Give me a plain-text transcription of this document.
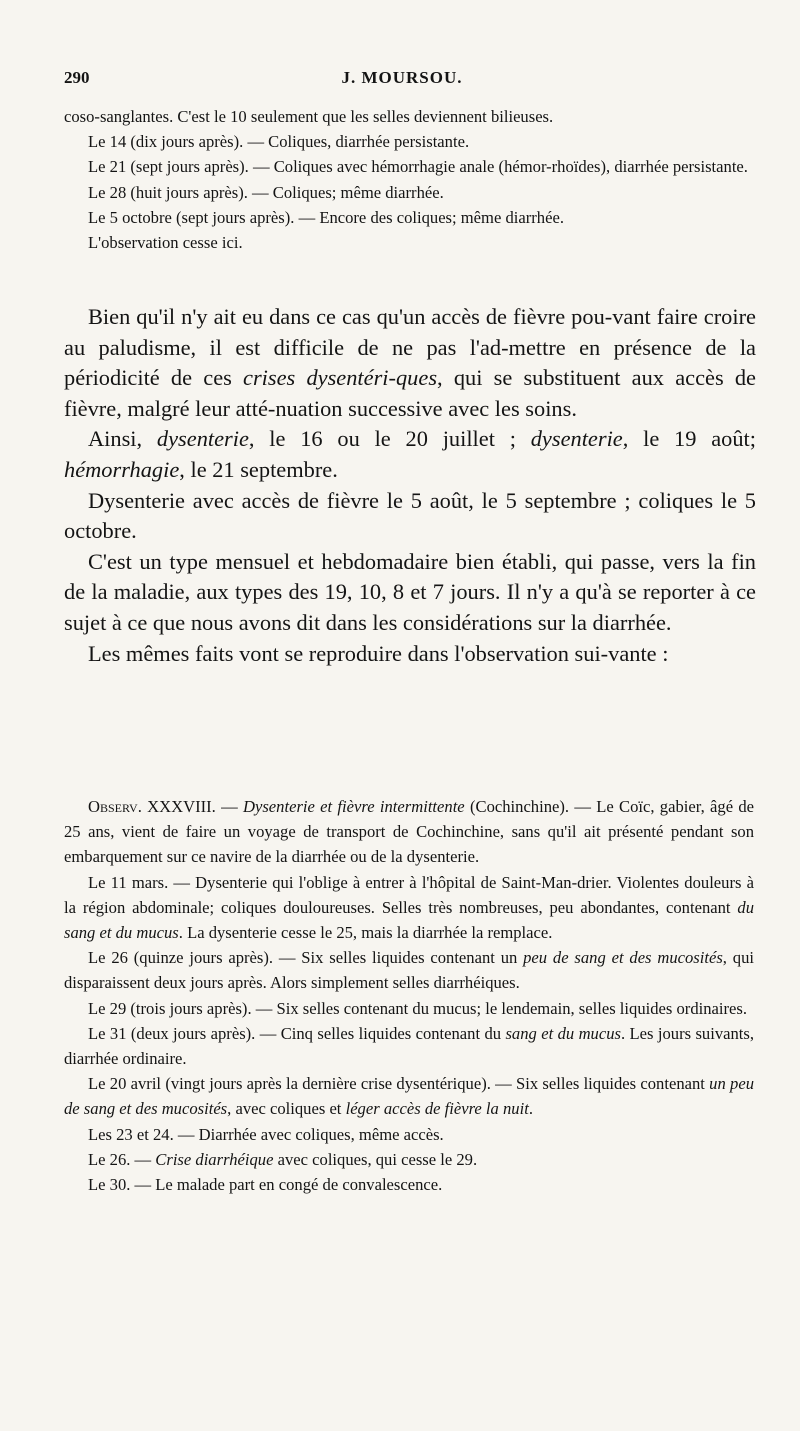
290	J. MOURSOU.

coso-sanglantes. C'est le 10 seulement que les selles deviennent bilieuses.

Le 14 (dix jours après). — Coliques, diarrhée persistante.

Le 21 (sept jours après). — Coliques avec hémorrhagie anale (hémor-rhoïdes), diarrhée persistante.

Le 28 (huit jours après). — Coliques; même diarrhée.

Le 5 octobre (sept jours après). — Encore des coliques; même diarrhée.

L'observation cesse ici.

Bien qu'il n'y ait eu dans ce cas qu'un accès de fièvre pou-vant faire croire au paludisme, il est difficile de ne pas l'ad-mettre en présence de la périodicité de ces crises dysentéri-ques, qui se substituent aux accès de fièvre, malgré leur atté-nuation successive avec les soins.

Ainsi, dysenterie, le 16 ou le 20 juillet ; dysenterie, le 19 août; hémorrhagie, le 21 septembre.

Dysenterie avec accès de fièvre le 5 août, le 5 septembre ; coliques le 5 octobre.

C'est un type mensuel et hebdomadaire bien établi, qui passe, vers la fin de la maladie, aux types des 19, 10, 8 et 7 jours. Il n'y a qu'à se reporter à ce sujet à ce que nous avons dit dans les considérations sur la diarrhée.

Les mêmes faits vont se reproduire dans l'observation sui-vante :

Observ. XXXVIII. — Dysenterie et fièvre intermittente (Cochinchine). — Le Coïc, gabier, âgé de 25 ans, vient de faire un voyage de transport de Cochinchine, sans qu'il ait présenté pendant son embarquement sur ce navire de la diarrhée ou de la dysenterie.

Le 11 mars. — Dysenterie qui l'oblige à entrer à l'hôpital de Saint-Man-drier. Violentes douleurs à la région abdominale; coliques douloureuses. Selles très nombreuses, peu abondantes, contenant du sang et du mucus. La dysenterie cesse le 25, mais la diarrhée la remplace.

Le 26 (quinze jours après). — Six selles liquides contenant un peu de sang et des mucosités, qui disparaissent deux jours après. Alors simplement selles diarrhéiques.

Le 29 (trois jours après). — Six selles contenant du mucus; le lendemain, selles liquides ordinaires.

Le 31 (deux jours après). — Cinq selles liquides contenant du sang et du mucus. Les jours suivants, diarrhée ordinaire.

Le 20 avril (vingt jours après la dernière crise dysentérique). — Six selles liquides contenant un peu de sang et des mucosités, avec coliques et léger accès de fièvre la nuit.

Les 23 et 24. — Diarrhée avec coliques, même accès.

Le 26. — Crise diarrhéique avec coliques, qui cesse le 29.

Le 30. — Le malade part en congé de convalescence.
